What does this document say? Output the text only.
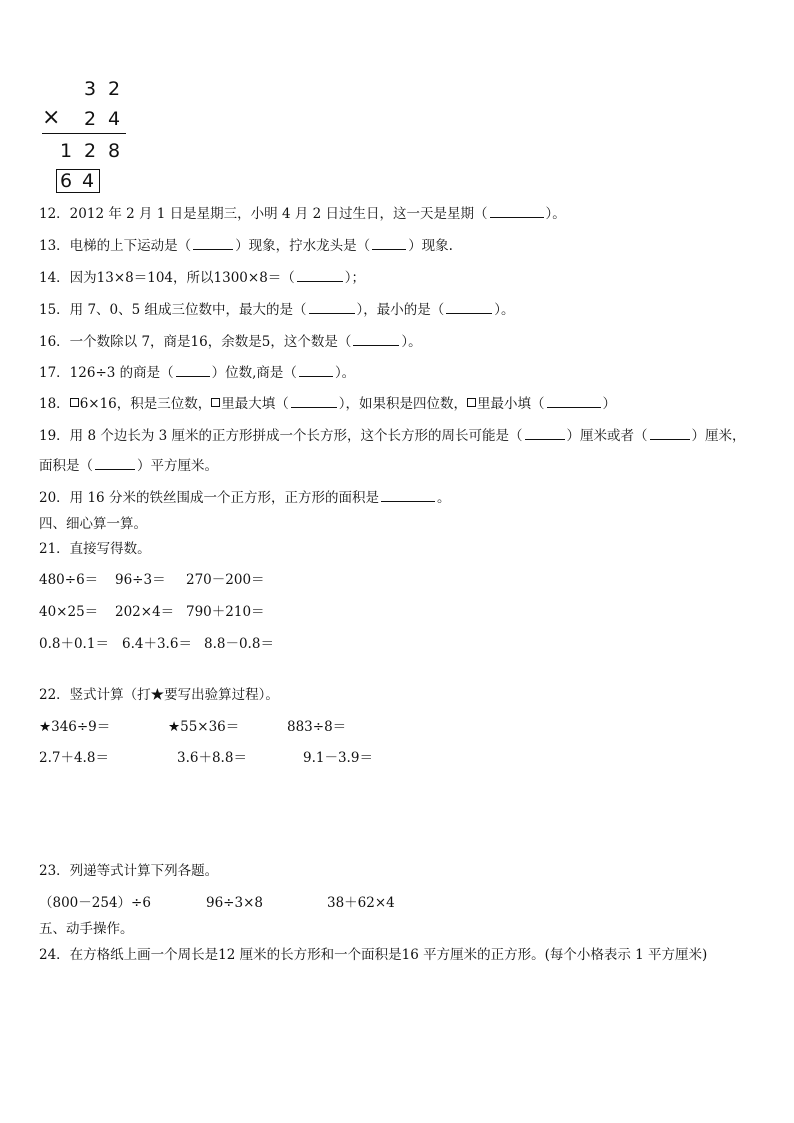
3 2
× 2 4
1 2 8
6 4
12．2012 年 2 月 1 日是星期三，小明 4 月 2 日过生日，这一天是星期（	）。
13．电梯的上下运动是（	）现象，拧水龙头是（	）现象.
14．因为13×8＝104，所以1300×8＝（	）；
15．用 7、0、5 组成三位数中，最大的是（	），最小的是（	）。
16．一个数除以 7，商是16，余数是5，这个数是（	）。
17．126÷3 的商是（	）位数,商是（	）。
18． 6×16，积是三位数， 里最大填（	），如果积是四位数， 里最小填（	）
19．用 8 个边长为 3 厘米的正方形拼成一个长方形，这个长方形的周长可能是（	）厘米或者（	）厘米，
面积是（	）平方厘米。
20．用 16 分米的铁丝围成一个正方形，正方形的面积是	。
四、细心算一算。
21．直接写得数。
480÷6＝ 96÷3＝ 270－200＝
40×25＝ 202×4＝ 790＋210＝
0.8＋0.1＝ 6.4＋3.6＝ 8.8－0.8＝
22．竖式计算（打★要写出验算过程）。
★346÷9＝	★55×36＝	883÷8＝
2.7＋4.8＝	3.6＋8.8＝	9.1－3.9＝
23．列递等式计算下列各题。
（800－254）÷6	96÷3×8	38＋62×4
五、动手操作。
24．在方格纸上画一个周长是12 厘米的长方形和一个面积是16 平方厘米的正方形。(每个小格表示 1 平方厘米)
